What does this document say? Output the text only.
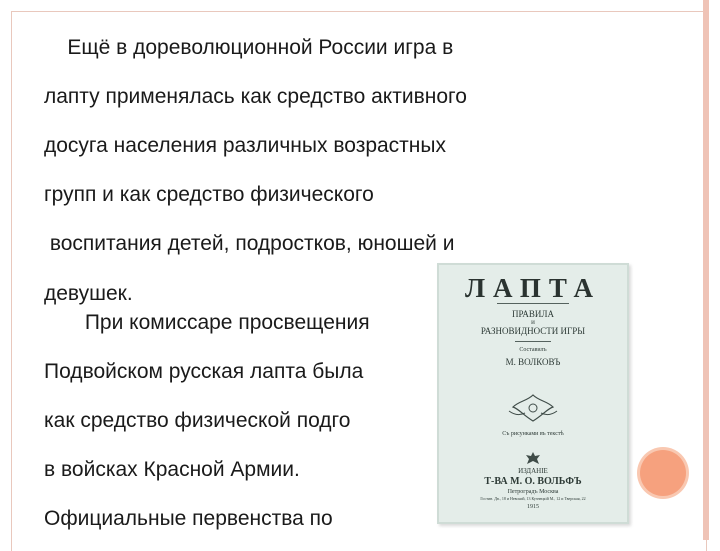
Ещё в дореволюционной России игра в
лапту применялась как средство активного
досуга населения различных возрастных
групп и как средство физического
воспитания детей, подростков, юношей и
девушек.
При комиссаре просвещения
Подвойском русская лапта была
как средство физической подго
в войсках Красной Армии.
Официальные первенства по
ЛАПТА
ПРАВИЛА
и
РАЗНОВИДНОСТИ ИГРЫ
Составилъ
М. ВОЛКОВЪ
Съ рисунками въ текстѣ
ИЗДАНІЕ
Т-ВА М. О. ВОЛЬФЪ
Петроградъ Москва
Гостин. Дв., 18 и Невский, 13 Кузнецкій М., 12 и Тверская, 22
1915
